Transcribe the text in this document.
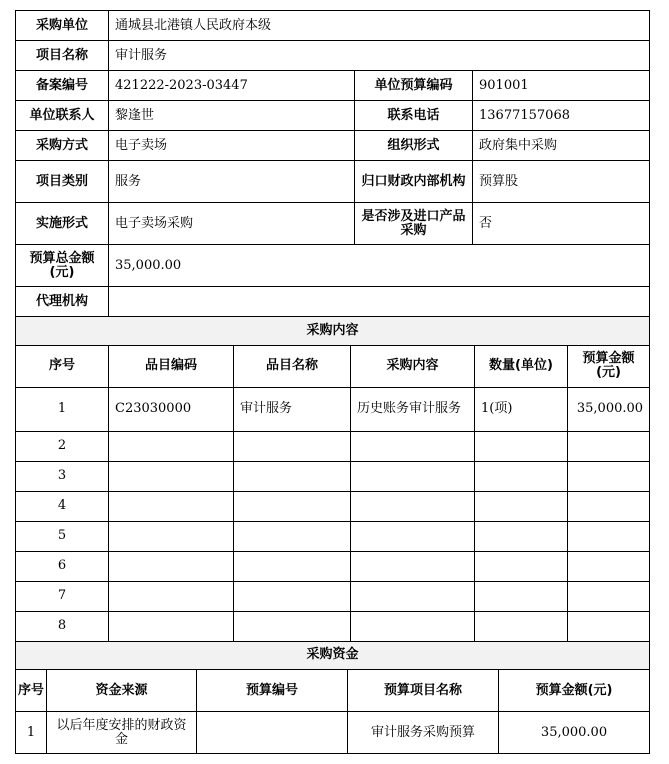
采购单位	通城县北港镇人民政府本级		
项目名称	审计服务		
备案编号	421222-2023-03447	单位预算编码	901001
单位联系人	黎逢世	联系电话	13677157068
采购方式	电子卖场	组织形式	政府集中采购
项目类别	服务	归口财政内部机构	预算股
实施形式	电子卖场采购	是否涉及进口产品采购	否
预算总金额(元)	35,000.00		
代理机构			
采购内容					
序号	品目编码	品目名称	采购内容	数量(单位)	预算金额(元)
1	C23030000	审计服务	历史账务审计服务	1(项)	35,000.00
2					
3					
4					
5					
6					
7					
8					
采购资金				
序号	资金来源	预算编号	预算项目名称	预算金额(元)
1	以后年度安排的财政资金		审计服务采购预算	35,000.00
